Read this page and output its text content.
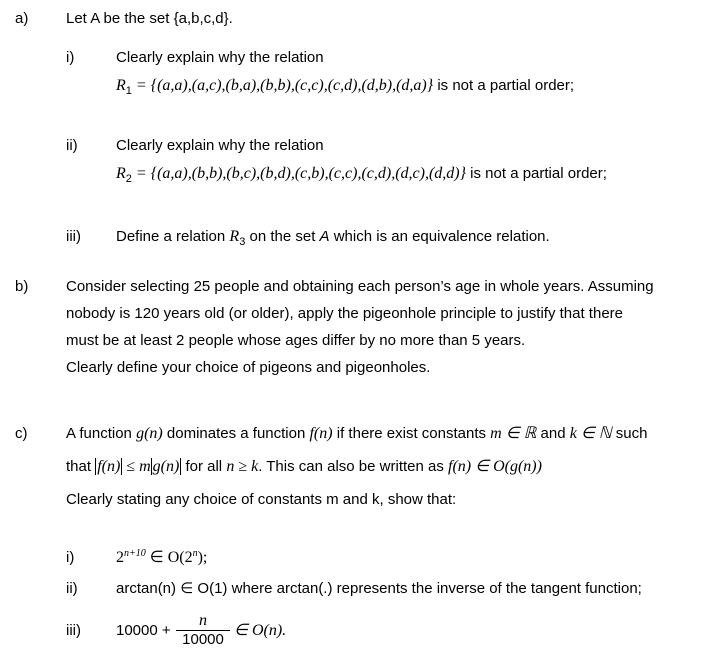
a)	Let A be the set {a,b,c,d}.
i)	Clearly explain why the relation
$R_1 = \{(a,a),(a,c),(b,a),(b,b),(c,c),(c,d),(d,b),(d,a)\}$ is not a partial order;
ii)	Clearly explain why the relation
$R_2 = \{(a,a),(b,b),(b,c),(b,d),(c,b),(c,c),(c,d),(d,c),(d,d)\}$ is not a partial order;
iii) Define a relation $R_3$ on the set A which is an equivalence relation.
b)	Consider selecting 25 people and obtaining each person’s age in whole years. Assuming
nobody is 120 years old (or older), apply the pigeonhole principle to justify that there
must be at least 2 people whose ages differ by no more than 5 years.
Clearly define your choice of pigeons and pigeonholes.
c)	A function g(n) dominates a function f(n) if there exist constants m ∈ ℝ and k ∈ ℕ such
that f(n) ≤ m g(n) for all n ≥ k. This can also be written as f(n) ∈ O(g(n))
Clearly stating any choice of constants m and k, show that:
i)	$2^{n+10}$ ∈ O(2$^n$);
ii)	arctan(n) ∈ O(1) where arctan(.) represents the inverse of the tangent function;
iii) 10000 +
n
10000
∈ O(n).
